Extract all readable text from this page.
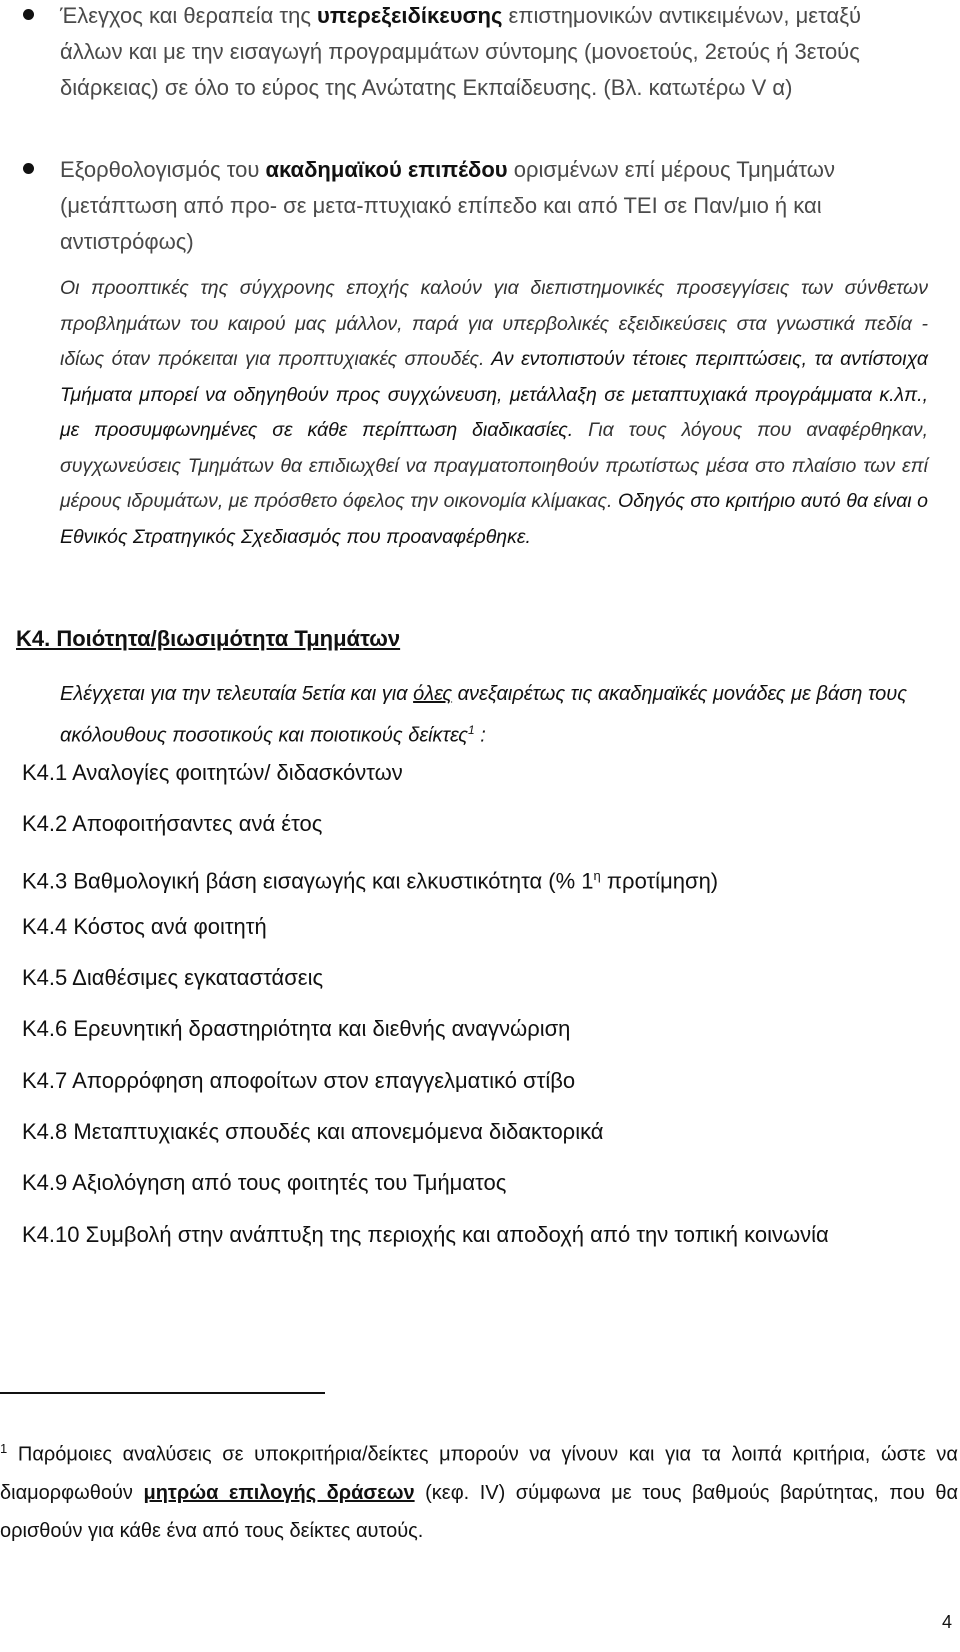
Έλεγχος και θεραπεία της υπερεξειδίκευσης επιστημονικών αντικειμένων, μεταξύ άλλων και με την εισαγωγή προγραμμάτων σύντομης (μονοετούς, 2ετούς ή 3ετούς διάρκειας) σε όλο το εύρος της Ανώτατης Εκπαίδευσης. (Βλ. κατωτέρω V α)
Εξορθολογισμός του ακαδημαϊκού επιπέδου ορισμένων επί μέρους Τμημάτων (μετάπτωση από προ- σε μετα-πτυχιακό επίπεδο και από ΤΕΙ σε Παν/μιο ή και αντιστρόφως)

Οι προοπτικές της σύγχρονης εποχής καλούν για διεπιστημονικές προσεγγίσεις των σύνθετων προβλημάτων του καιρού μας μάλλον, παρά για υπερβολικές εξειδικεύσεις στα γνωστικά πεδία - ιδίως όταν πρόκειται για προπτυχιακές σπουδές. Αν εντοπιστούν τέτοιες περιπτώσεις, τα αντίστοιχα Τμήματα μπορεί να οδηγηθούν προς συγχώνευση, μετάλλαξη σε μεταπτυχιακά προγράμματα κ.λπ., με προσυμφωνημένες σε κάθε περίπτωση διαδικασίες. Για τους λόγους που αναφέρθηκαν, συγχωνεύσεις Τμημάτων θα επιδιωχθεί να πραγματοποιηθούν πρωτίστως μέσα στο πλαίσιο των επί μέρους ιδρυμάτων, με πρόσθετο όφελος την οικονομία κλίμακας. Οδηγός στο κριτήριο αυτό θα είναι ο Εθνικός Στρατηγικός Σχεδιασμός που προαναφέρθηκε.

Κ4. Ποιότητα/βιωσιμότητα Τμημάτων

Ελέγχεται για την τελευταία 5ετία και για όλες ανεξαιρέτως τις ακαδημαϊκές μονάδες με βάση τους ακόλουθους ποσοτικούς και ποιοτικούς δείκτες$^1$ :

Κ4.1 Αναλογίες φοιτητών/ διδασκόντων
Κ4.2 Αποφοιτήσαντες ανά έτος
Κ4.3 Βαθμολογική βάση εισαγωγής και ελκυστικότητα (% $1^\eta$ προτίμηση)
Κ4.4 Κόστος ανά φοιτητή
Κ4.5 Διαθέσιμες εγκαταστάσεις
Κ4.6 Ερευνητική δραστηριότητα και διεθνής αναγνώριση
Κ4.7 Απορρόφηση αποφοίτων στον επαγγελματικό στίβο
Κ4.8 Μεταπτυχιακές σπουδές και απονεμόμενα διδακτορικά
Κ4.9 Αξιολόγηση από τους φοιτητές του Τμήματος
Κ4.10 Συμβολή στην ανάπτυξη της περιοχής και αποδοχή από την τοπική κοινωνία

$^1$ Παρόμοιες αναλύσεις σε υποκριτήρια/δείκτες μπορούν να γίνουν και για τα λοιπά κριτήρια, ώστε να διαμορφωθούν μητρώα επιλογής δράσεων (κεφ. IV) σύμφωνα με τους βαθμούς βαρύτητας, που θα ορισθούν για κάθε ένα από τους δείκτες αυτούς.

4
